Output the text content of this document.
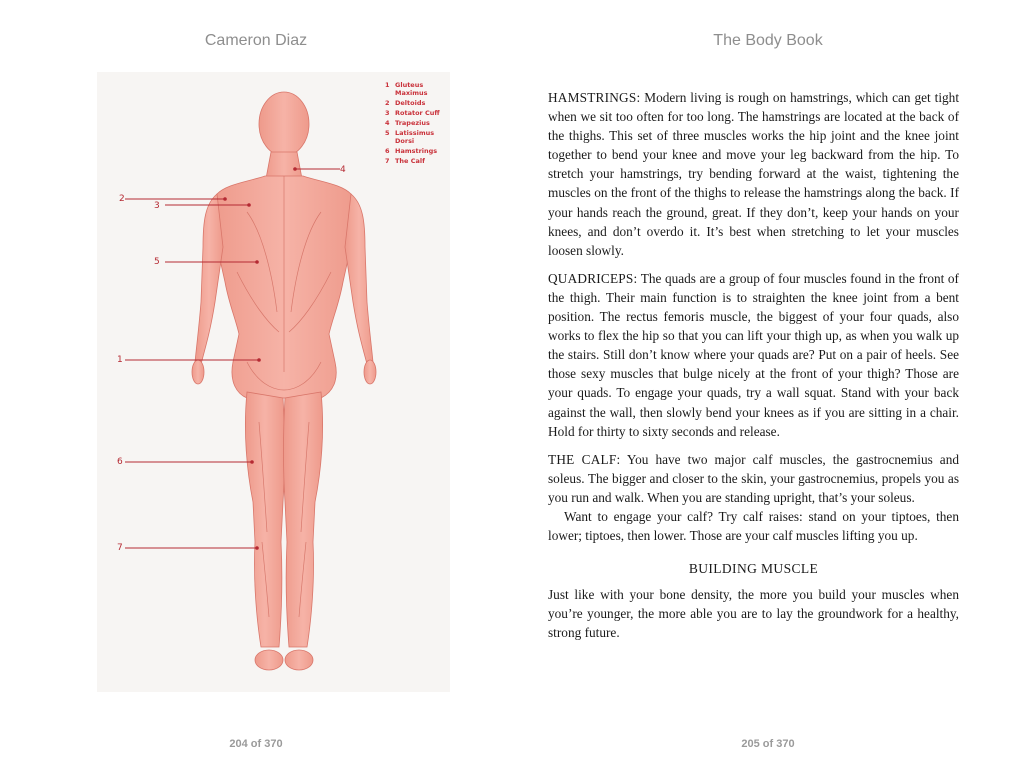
Cameron Diaz
2
3
4
5
1
6
7
1 Gluteus Maximus
2 Deltoids
3 Rotator Cuff
4 Trapezius
5 Latissimus Dorsi
6 Hamstrings
7 The Calf
204 of 370
The Body Book

HAMSTRINGS: Modern living is rough on hamstrings, which can get tight when we sit too often for too long. The hamstrings are located at the back of the thighs. This set of three muscles works the hip joint and the knee joint together to bend your knee and move your leg backward from the hip. To stretch your hamstrings, try bending forward at the waist, tightening the muscles on the front of the thighs to release the hamstrings along the back. If your hands reach the ground, great. If they don’t, keep your hands on your knees, and don’t overdo it. It’s best when stretching to let your muscles loosen slowly.

QUADRICEPS: The quads are a group of four muscles found in the front of the thigh. Their main function is to straighten the knee joint from a bent position. The rectus femoris muscle, the biggest of your four quads, also works to flex the hip so that you can lift your thigh up, as when you walk up the stairs. Still don’t know where your quads are? Put on a pair of heels. See those sexy muscles that bulge nicely at the front of your thigh? Those are your quads. To engage your quads, try a wall squat. Stand with your back against the wall, then slowly bend your knees as if you are sitting in a chair. Hold for thirty to sixty seconds and release.

THE CALF: You have two major calf muscles, the gastrocnemius and soleus. The bigger and closer to the skin, your gastrocnemius, propels you as you run and walk. When you are standing upright, that’s your soleus.

Want to engage your calf? Try calf raises: stand on your tiptoes, then lower; tiptoes, then lower. Those are your calf muscles lifting you up.

BUILDING MUSCLE

Just like with your bone density, the more you build your muscles when you’re younger, the more able you are to lay the groundwork for a healthy, strong future.

205 of 370
